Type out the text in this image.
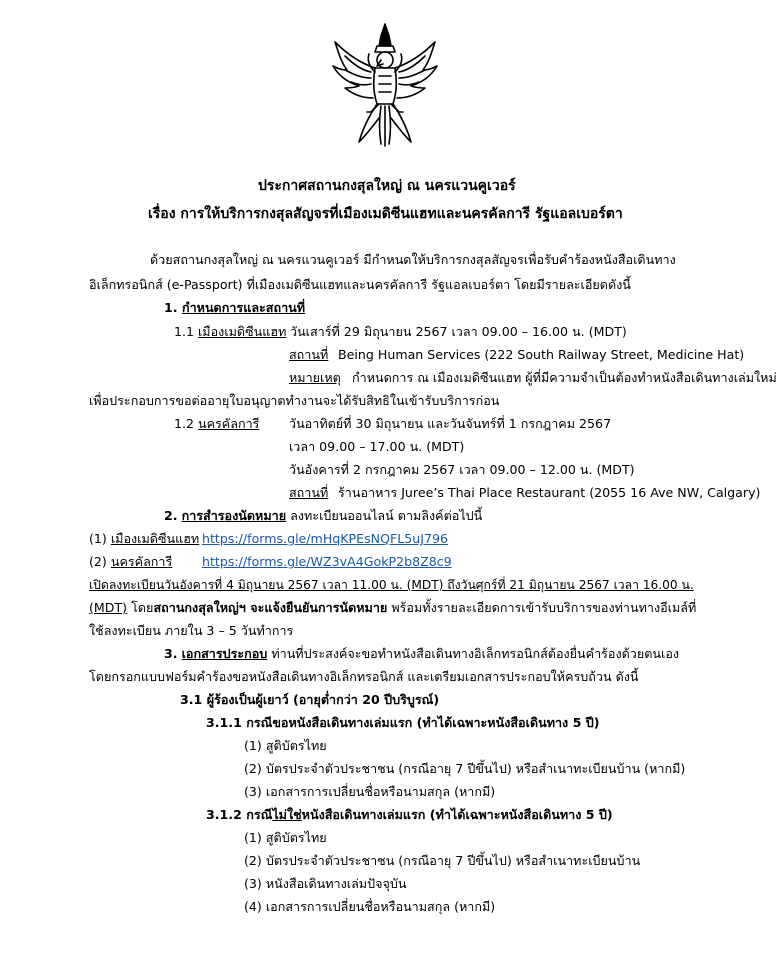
ประกาศสถานกงสุลใหญ่ ณ นครแวนคูเวอร์
เรื่อง การให้บริการกงสุลสัญจรที่เมืองเมดิซีนแฮทและนครคัลการี รัฐแอลเบอร์ตา
ด้วยสถานกงสุลใหญ่ ณ นครแวนคูเวอร์ มีกำหนดให้บริการกงสุลสัญจรเพื่อรับคำร้องหนังสือเดินทาง
อิเล็กทรอนิกส์ (e-Passport) ที่เมืองเมดิซีนแฮทและนครคัลการี รัฐแอลเบอร์ตา โดยมีรายละเอียดดังนี้
1. กำหนดการและสถานที่
1.1 เมืองเมดิซีนแฮท วันเสาร์ที่ 29 มิถุนายน 2567 เวลา 09.00 – 16.00 น. (MDT)
สถานที่ Being Human Services (222 South Railway Street, Medicine Hat)
หมายเหตุ กำหนดการ ณ เมืองเมดิซีนแฮท ผู้ที่มีความจำเป็นต้องทำหนังสือเดินทางเล่มใหม่
เพื่อประกอบการขอต่ออายุใบอนุญาตทำงานจะได้รับสิทธิในเข้ารับบริการก่อน
1.2 นครคัลการี วันอาทิตย์ที่ 30 มิถุนายน และวันจันทร์ที่ 1 กรกฎาคม 2567
เวลา 09.00 – 17.00 น. (MDT)
วันอังคารที่ 2 กรกฎาคม 2567 เวลา 09.00 – 12.00 น. (MDT)
สถานที่ ร้านอาหาร Juree’s Thai Place Restaurant (2055 16 Ave NW, Calgary)
2. การสำรองนัดหมาย ลงทะเบียนออนไลน์ ตามลิงค์ต่อไปนี้
(1) เมืองเมดิซีนแฮท https://forms.gle/mHqKPEsNQFL5uJ796
(2) นครคัลการี https://forms.gle/WZ3vA4GokP2b8Z8c9
เปิดลงทะเบียนวันอังคารที่ 4 มิถุนายน 2567 เวลา 11.00 น. (MDT) ถึงวันศุกร์ที่ 21 มิถุนายน 2567 เวลา 16.00 น.
(MDT) โดยสถานกงสุลใหญ่ฯ จะแจ้งยืนยันการนัดหมาย พร้อมทั้งรายละเอียดการเข้ารับบริการของท่านทางอีเมล์ที่
ใช้ลงทะเบียน ภายใน 3 – 5 วันทำการ
3. เอกสารประกอบ ท่านที่ประสงค์จะขอทำหนังสือเดินทางอิเล็กทรอนิกส์ต้องยื่นคำร้องด้วยตนเอง
โดยกรอกแบบฟอร์มคำร้องขอหนังสือเดินทางอิเล็กทรอนิกส์ และเตรียมเอกสารประกอบให้ครบถ้วน ดังนี้
3.1 ผู้ร้องเป็นผู้เยาว์ (อายุต่ำกว่า 20 ปีบริบูรณ์)
3.1.1 กรณีขอหนังสือเดินทางเล่มแรก (ทำได้เฉพาะหนังสือเดินทาง 5 ปี)
(1) สูติบัตรไทย
(2) บัตรประจำตัวประชาชน (กรณีอายุ 7 ปีขึ้นไป) หรือสำเนาทะเบียนบ้าน (หากมี)
(3) เอกสารการเปลี่ยนชื่อหรือนามสกุล (หากมี)
3.1.2 กรณีไม่ใช่หนังสือเดินทางเล่มแรก (ทำได้เฉพาะหนังสือเดินทาง 5 ปี)
(1) สูติบัตรไทย
(2) บัตรประจำตัวประชาชน (กรณีอายุ 7 ปีขึ้นไป) หรือสำเนาทะเบียนบ้าน
(3) หนังสือเดินทางเล่มปัจจุบัน
(4) เอกสารการเปลี่ยนชื่อหรือนามสกุล (หากมี)
